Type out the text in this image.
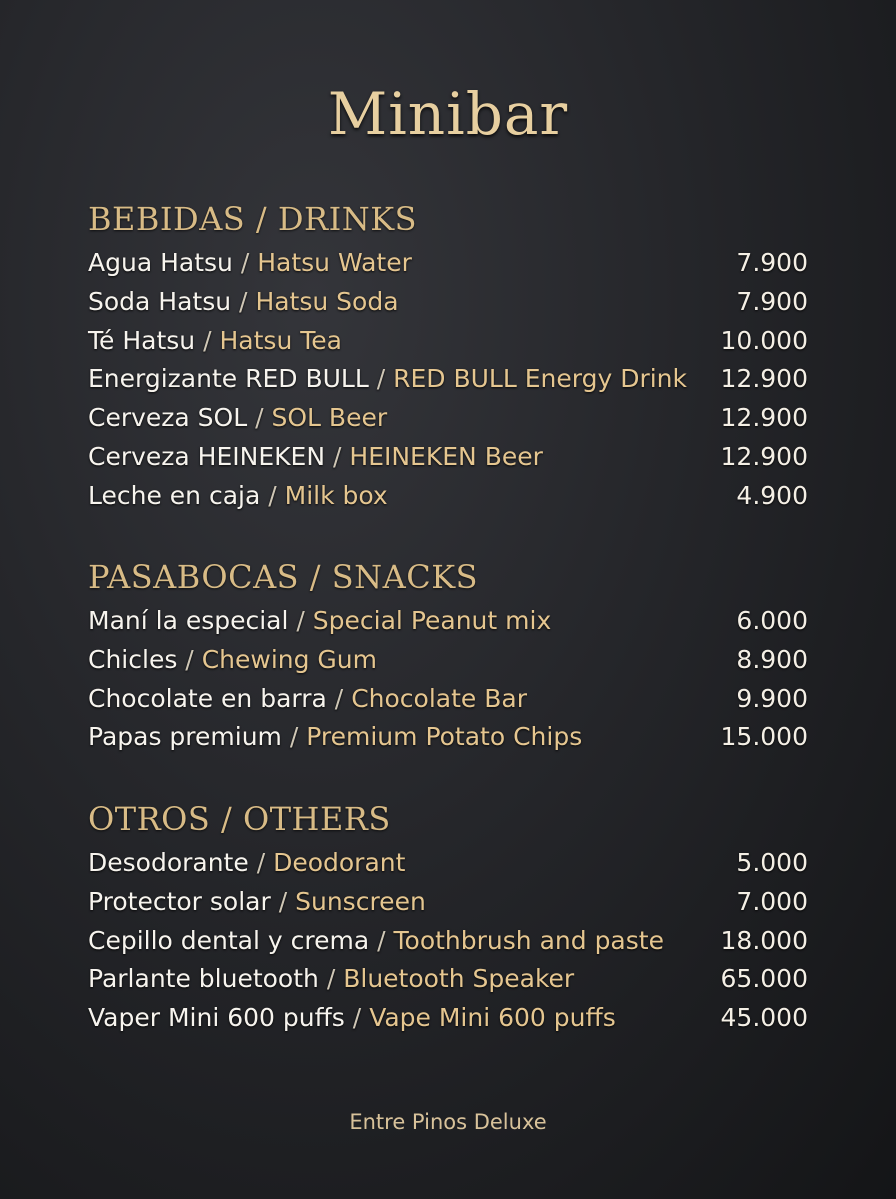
Minibar
BEBIDAS / DRINKS
Agua Hatsu / Hatsu Water	7.900
Soda Hatsu / Hatsu Soda	7.900
Té Hatsu / Hatsu Tea	10.000
Energizante RED BULL / RED BULL Energy Drink 12.900
Cerveza SOL / SOL Beer	12.900
Cerveza HEINEKEN / HEINEKEN Beer	12.900
Leche en caja / Milk box	4.900
PASABOCAS / SNACKS
Maní la especial / Special Peanut mix	6.000
Chicles / Chewing Gum	8.900
Chocolate en barra / Chocolate Bar	9.900
Papas premium / Premium Potato Chips	15.000
OTROS / OTHERS
Desodorante / Deodorant	5.000
Protector solar / Sunscreen	7.000
Cepillo dental y crema / Toothbrush and paste 18.000
Parlante bluetooth / Bluetooth Speaker	65.000
Vaper Mini 600 puffs / Vape Mini 600 puffs	45.000
Entre Pinos Deluxe
